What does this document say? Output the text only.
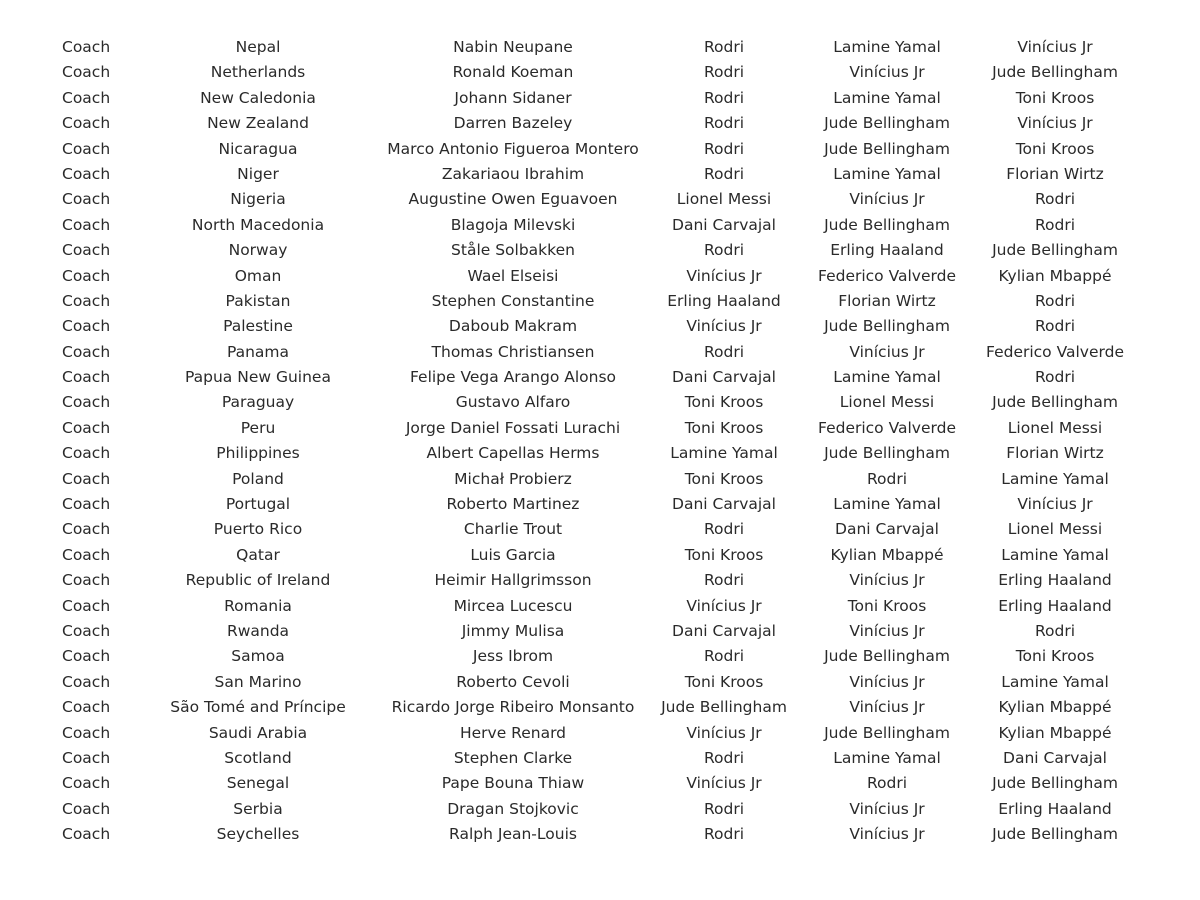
Coach	Nepal	Nabin Neupane	Rodri	Lamine Yamal	Vinícius Jr
Coach	Netherlands	Ronald Koeman	Rodri	Vinícius Jr	Jude Bellingham
Coach	New Caledonia	Johann Sidaner	Rodri	Lamine Yamal	Toni Kroos
Coach	New Zealand	Darren Bazeley	Rodri	Jude Bellingham	Vinícius Jr
Coach	Nicaragua	Marco Antonio Figueroa Montero	Rodri	Jude Bellingham	Toni Kroos
Coach	Niger	Zakariaou Ibrahim	Rodri	Lamine Yamal	Florian Wirtz
Coach	Nigeria	Augustine Owen Eguavoen	Lionel Messi	Vinícius Jr	Rodri
Coach	North Macedonia	Blagoja Milevski	Dani Carvajal	Jude Bellingham	Rodri
Coach	Norway	Ståle Solbakken	Rodri	Erling Haaland	Jude Bellingham
Coach	Oman	Wael Elseisi	Vinícius Jr	Federico Valverde	Kylian Mbappé
Coach	Pakistan	Stephen Constantine	Erling Haaland	Florian Wirtz	Rodri
Coach	Palestine	Daboub Makram	Vinícius Jr	Jude Bellingham	Rodri
Coach	Panama	Thomas Christiansen	Rodri	Vinícius Jr	Federico Valverde
Coach	Papua New Guinea	Felipe Vega Arango Alonso	Dani Carvajal	Lamine Yamal	Rodri
Coach	Paraguay	Gustavo Alfaro	Toni Kroos	Lionel Messi	Jude Bellingham
Coach	Peru	Jorge Daniel Fossati Lurachi	Toni Kroos	Federico Valverde	Lionel Messi
Coach	Philippines	Albert Capellas Herms	Lamine Yamal	Jude Bellingham	Florian Wirtz
Coach	Poland	Michał Probierz	Toni Kroos	Rodri	Lamine Yamal
Coach	Portugal	Roberto Martinez	Dani Carvajal	Lamine Yamal	Vinícius Jr
Coach	Puerto Rico	Charlie Trout	Rodri	Dani Carvajal	Lionel Messi
Coach	Qatar	Luis Garcia	Toni Kroos	Kylian Mbappé	Lamine Yamal
Coach	Republic of Ireland	Heimir Hallgrimsson	Rodri	Vinícius Jr	Erling Haaland
Coach	Romania	Mircea Lucescu	Vinícius Jr	Toni Kroos	Erling Haaland
Coach	Rwanda	Jimmy Mulisa	Dani Carvajal	Vinícius Jr	Rodri
Coach	Samoa	Jess Ibrom	Rodri	Jude Bellingham	Toni Kroos
Coach	San Marino	Roberto Cevoli	Toni Kroos	Vinícius Jr	Lamine Yamal
Coach	São Tomé and Príncipe	Ricardo Jorge Ribeiro Monsanto	Jude Bellingham	Vinícius Jr	Kylian Mbappé
Coach	Saudi Arabia	Herve Renard	Vinícius Jr	Jude Bellingham	Kylian Mbappé
Coach	Scotland	Stephen Clarke	Rodri	Lamine Yamal	Dani Carvajal
Coach	Senegal	Pape Bouna Thiaw	Vinícius Jr	Rodri	Jude Bellingham
Coach	Serbia	Dragan Stojkovic	Rodri	Vinícius Jr	Erling Haaland
Coach	Seychelles	Ralph Jean-Louis	Rodri	Vinícius Jr	Jude Bellingham
